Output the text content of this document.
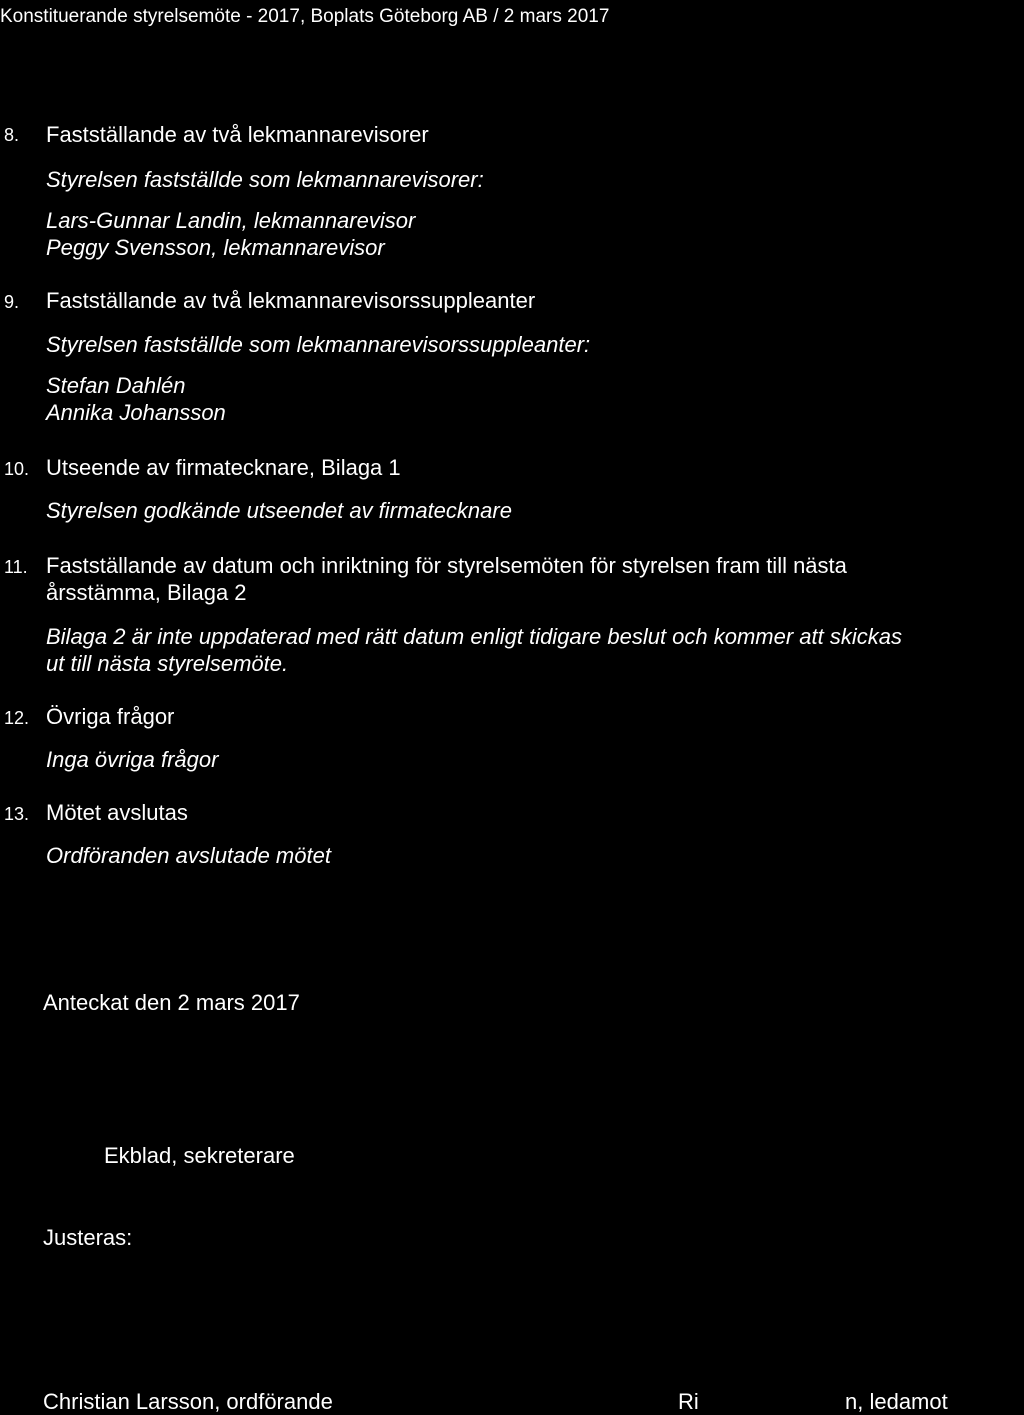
Konstituerande styrelsemöte - 2017, Boplats Göteborg AB / 2 mars 2017
8. Fastställande av två lekmannarevisorer
Styrelsen fastställde som lekmannarevisorer:
Lars-Gunnar Landin, lekmannarevisor
Peggy Svensson, lekmannarevisor
9. Fastställande av två lekmannarevisorssuppleanter
Styrelsen fastställde som lekmannarevisorssuppleanter:
Stefan Dahlén
Annika Johansson
10. Utseende av firmatecknare, Bilaga 1
Styrelsen godkände utseendet av firmatecknare
11. Fastställande av datum och inriktning för styrelsemöten för styrelsen fram till nästa
årsstämma, Bilaga 2
Bilaga 2 är inte uppdaterad med rätt datum enligt tidigare beslut och kommer att skickas
ut till nästa styrelsemöte.
12. Övriga frågor
Inga övriga frågor
13. Mötet avslutas
Ordföranden avslutade mötet
Anteckat den 2 mars 2017
Ekblad, sekreterare
Justeras:
Christian Larsson, ordförande	Ri	n, ledamot
